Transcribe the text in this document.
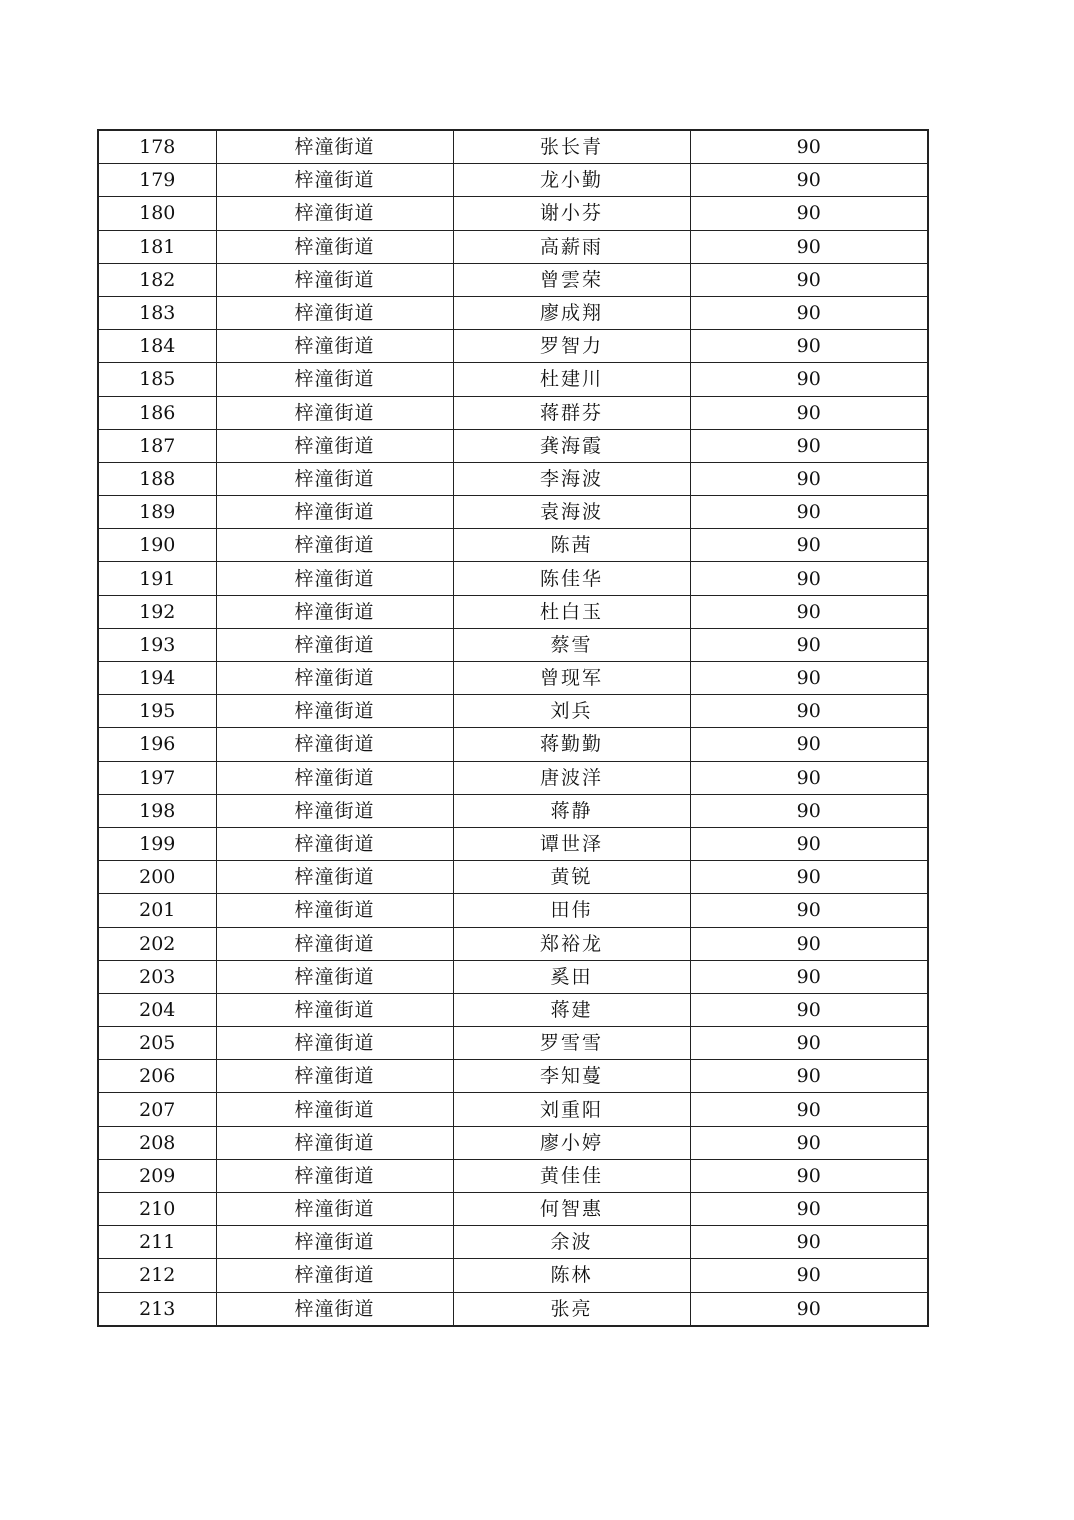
178	梓潼街道	张长青	90
179	梓潼街道	龙小勤	90
180	梓潼街道	谢小芬	90
181	梓潼街道	高薪雨	90
182	梓潼街道	曾雲荣	90
183	梓潼街道	廖成翔	90
184	梓潼街道	罗智力	90
185	梓潼街道	杜建川	90
186	梓潼街道	蒋群芬	90
187	梓潼街道	龚海霞	90
188	梓潼街道	李海波	90
189	梓潼街道	袁海波	90
190	梓潼街道	陈茜	90
191	梓潼街道	陈佳华	90
192	梓潼街道	杜白玉	90
193	梓潼街道	蔡雪	90
194	梓潼街道	曾现军	90
195	梓潼街道	刘兵	90
196	梓潼街道	蒋勤勤	90
197	梓潼街道	唐波洋	90
198	梓潼街道	蒋静	90
199	梓潼街道	谭世泽	90
200	梓潼街道	黄锐	90
201	梓潼街道	田伟	90
202	梓潼街道	郑裕龙	90
203	梓潼街道	奚田	90
204	梓潼街道	蒋建	90
205	梓潼街道	罗雪雪	90
206	梓潼街道	李知蔓	90
207	梓潼街道	刘重阳	90
208	梓潼街道	廖小婷	90
209	梓潼街道	黄佳佳	90
210	梓潼街道	何智惠	90
211	梓潼街道	余波	90
212	梓潼街道	陈林	90
213	梓潼街道	张亮	90
